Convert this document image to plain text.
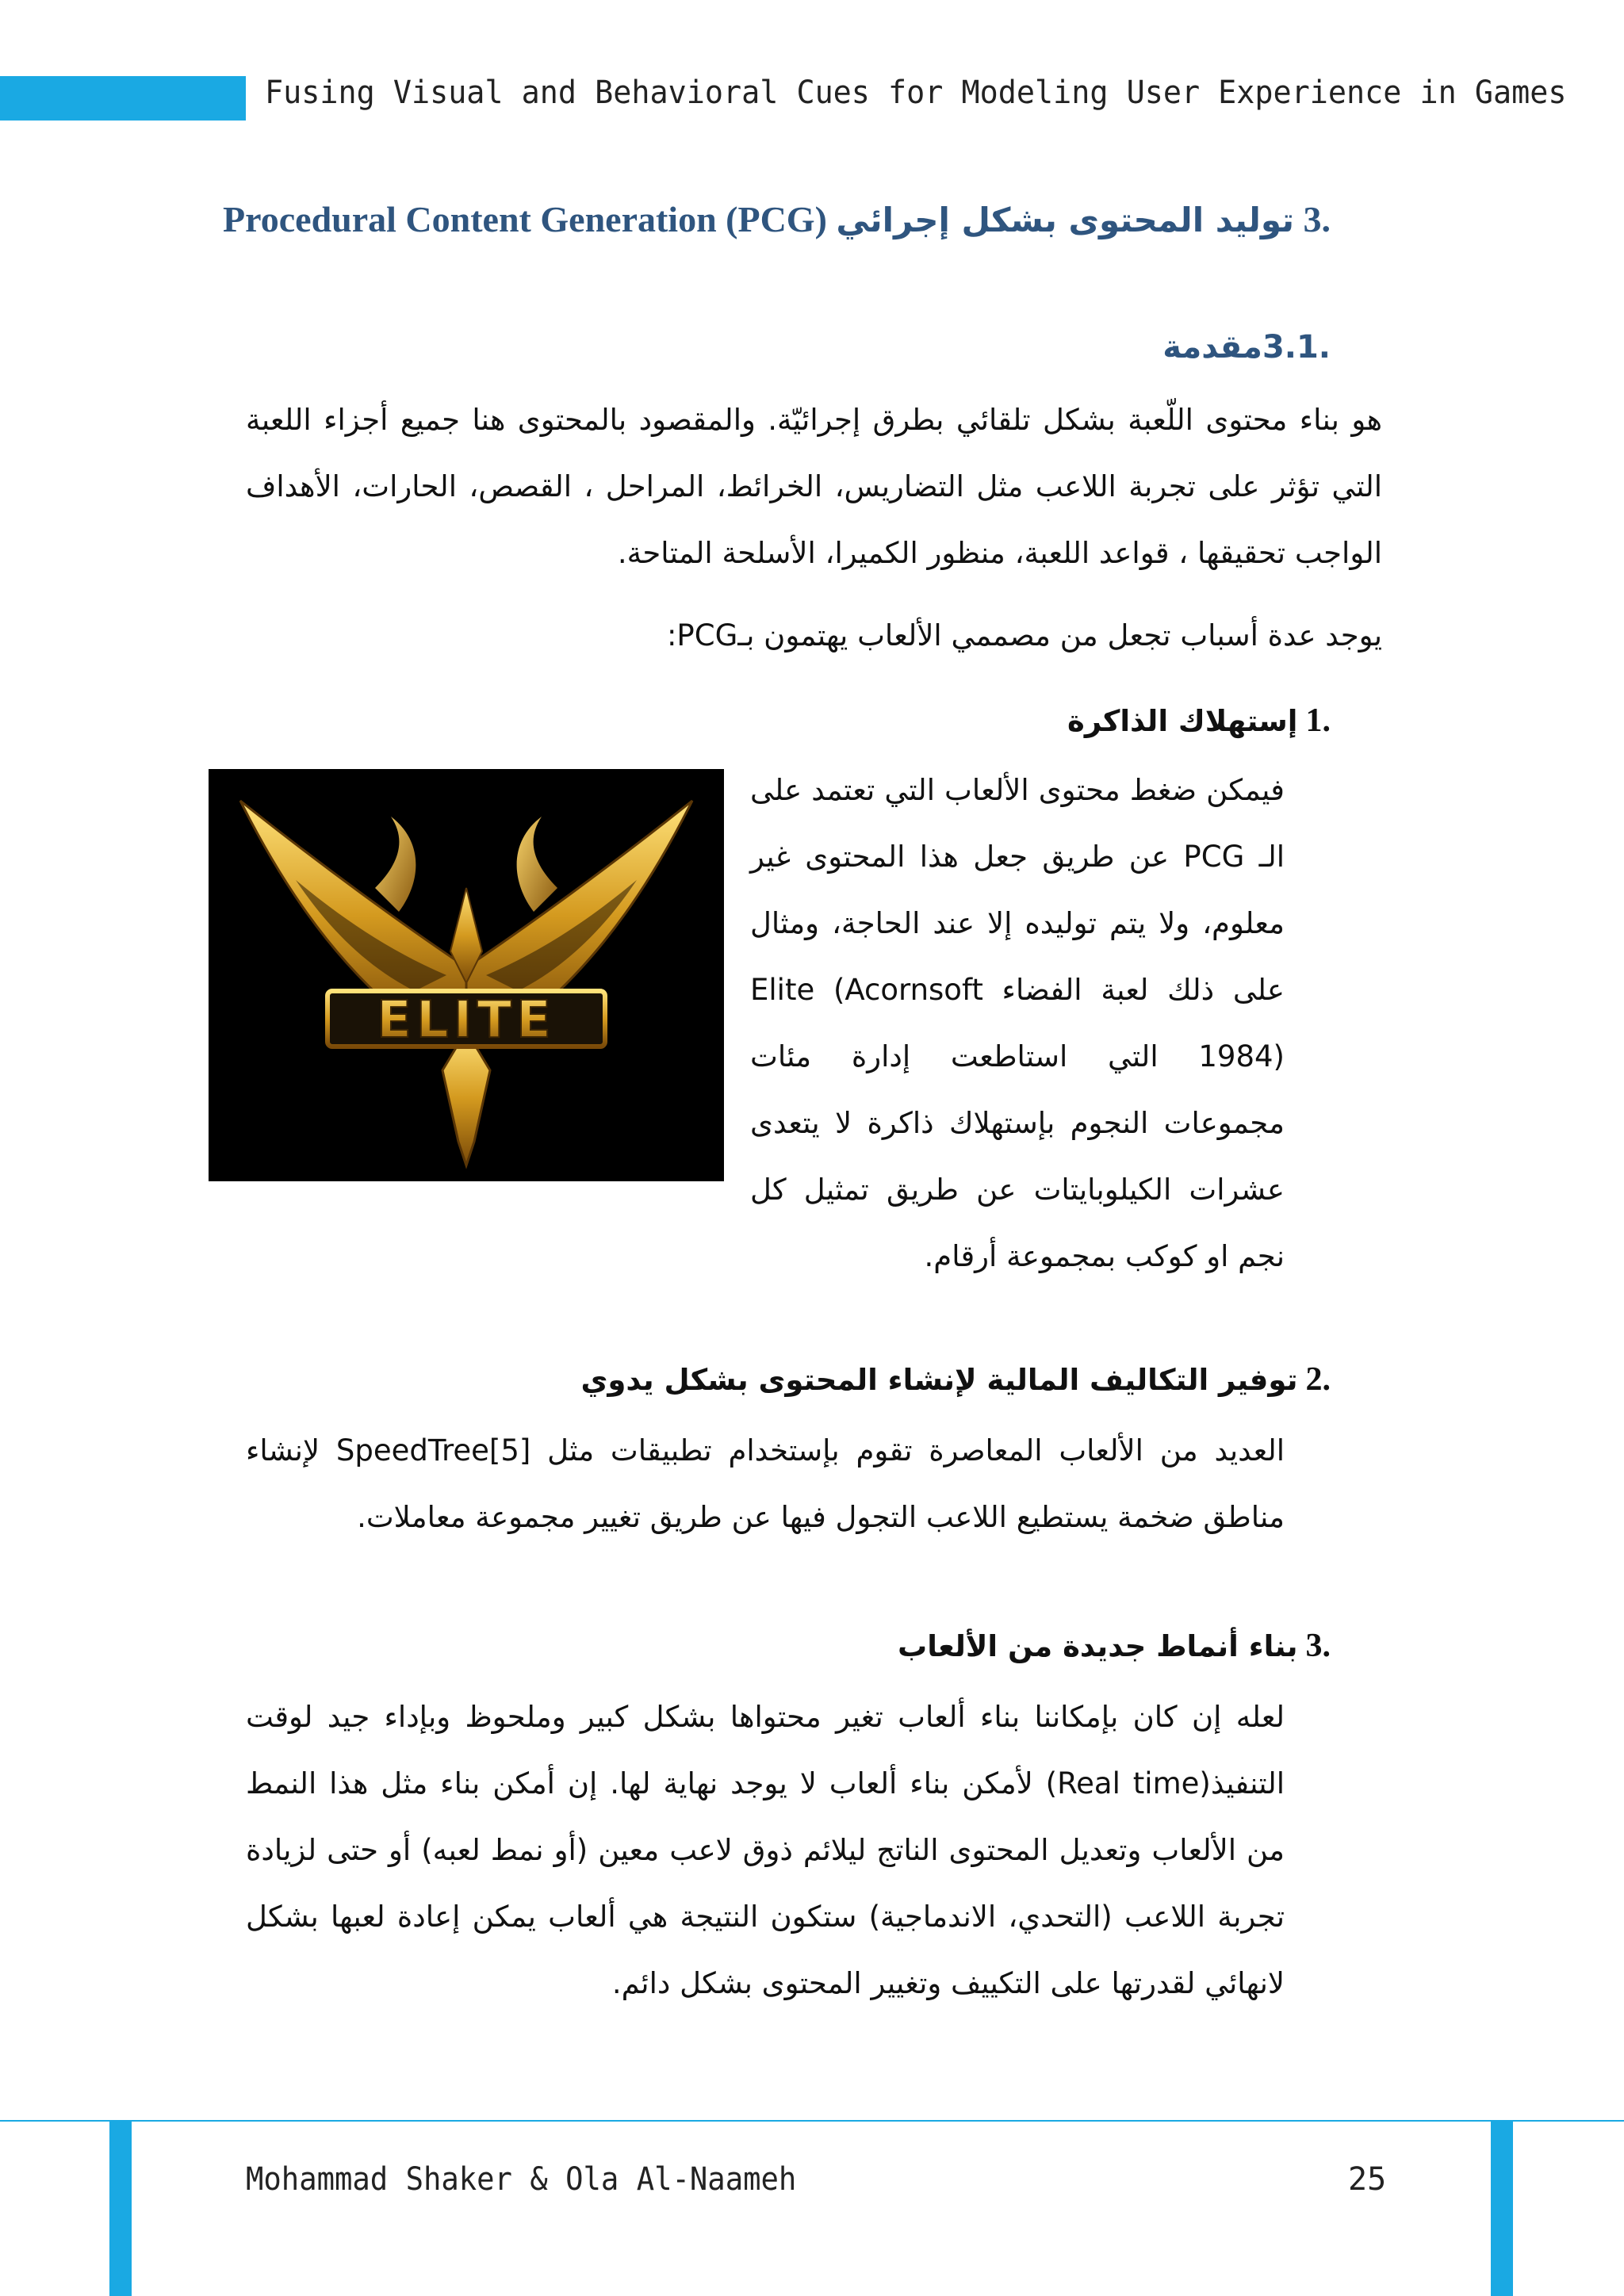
Fusing Visual and Behavioral Cues for Modeling User Experience in Games
.3 توليد المحتوى بشكل إجرائي Procedural Content Generation (PCG)
3.1.مقدمة
هو بناء محتوى اللّعبة بشكل تلقائي بطرق إجرائيّة. والمقصود بالمحتوى هنا جميع أجزاء اللعبة التي تؤثر على تجربة اللاعب مثل التضاريس، الخرائط، المراحل ، القصص، الحارات، الأهداف الواجب تحقيقها ، قواعد اللعبة، منظور الكميرا، الأسلحة المتاحة.
يوجد عدة أسباب تجعل من مصممي الألعاب يهتمون بـPCG:
.1إستهلاك الذاكرة
فيمكن ضغط محتوى الألعاب التي تعتمد على الـ PCG عن طريق جعل هذا المحتوى غير معلوم، ولا يتم توليده إلا عند الحاجة، ومثال على ذلك لعبة الفضاء Elite (Acornsoft 1984) التي استاطعت إدارة مئات مجموعات النجوم بإستهلاك ذاكرة لا يتعدى عشرات الكيلوبايتات عن طريق تمثيل كل نجم او كوكب بمجموعة أرقام.
ELITE
.2توفير التكاليف المالية لإنشاء المحتوى بشكل يدوي
العديد من الألعاب المعاصرة تقوم بإستخدام تطبيقات مثل SpeedTree[5] لإنشاء مناطق ضخمة يستطيع اللاعب التجول فيها عن طريق تغيير مجموعة معاملات.
.3بناء أنماط جديدة من الألعاب
لعله إن كان بإمكاننا بناء ألعاب تغير محتواها بشكل كبير وملحوظ وبإداء جيد لوقت التنفيذ(Real time) لأمكن بناء ألعاب لا يوجد نهاية لها. إن أمكن بناء مثل هذا النمط من الألعاب وتعديل المحتوى الناتج ليلائم ذوق لاعب معين (أو نمط لعبه) أو حتى لزيادة تجربة اللاعب (التحدي، الاندماجية) ستكون النتيجة هي ألعاب يمكن إعادة لعبها بشكل لانهائي لقدرتها على التكييف وتغيير المحتوى بشكل دائم.
Mohammad Shaker & Ola Al-Naameh	25
